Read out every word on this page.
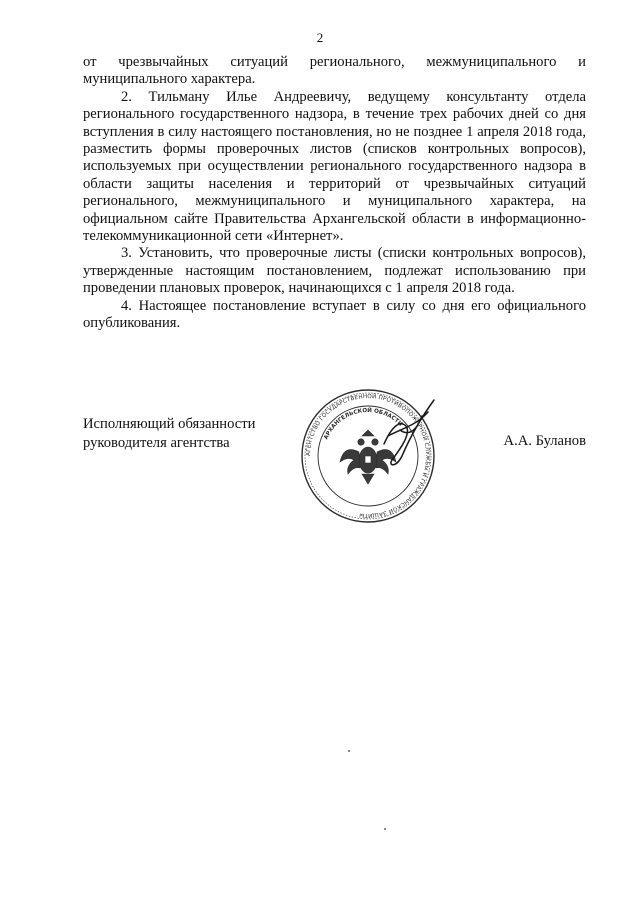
2

от чрезвычайных ситуаций регионального, межмуниципального и муниципального характера.

2. Тильману Илье Андреевичу, ведущему консультанту отдела регионального государственного надзора, в течение трех рабочих дней со дня вступления в силу настоящего постановления, но не позднее 1 апреля 2018 года, разместить формы проверочных листов (списков контрольных вопросов), используемых при осуществлении регионального государственного надзора в области защиты населения и территорий от чрезвычайных ситуаций регионального, межмуниципального и муниципального характера, на официальном сайте Правительства Архангельской области в информационно-телекоммуникационной сети «Интернет».

3. Установить, что проверочные листы (списки контрольных вопросов), утвержденные настоящим постановлением, подлежат использованию при проведении плановых проверок, начинающихся с 1 апреля 2018 года.

4. Настоящее постановление вступает в силу со дня его официального опубликования.

Исполняющий обязанности
руководителя агентства	А.А. Буланов
АГЕНТСТВО ГОСУДАРСТВЕННОЙ ПРОТИВОПОЖАРНОЙ СЛУЖБЫ И ГРАЖДАНСКОЙ ЗАЩИТЫ
АРХАНГЕЛЬСКОЙ ОБЛАСТИ
